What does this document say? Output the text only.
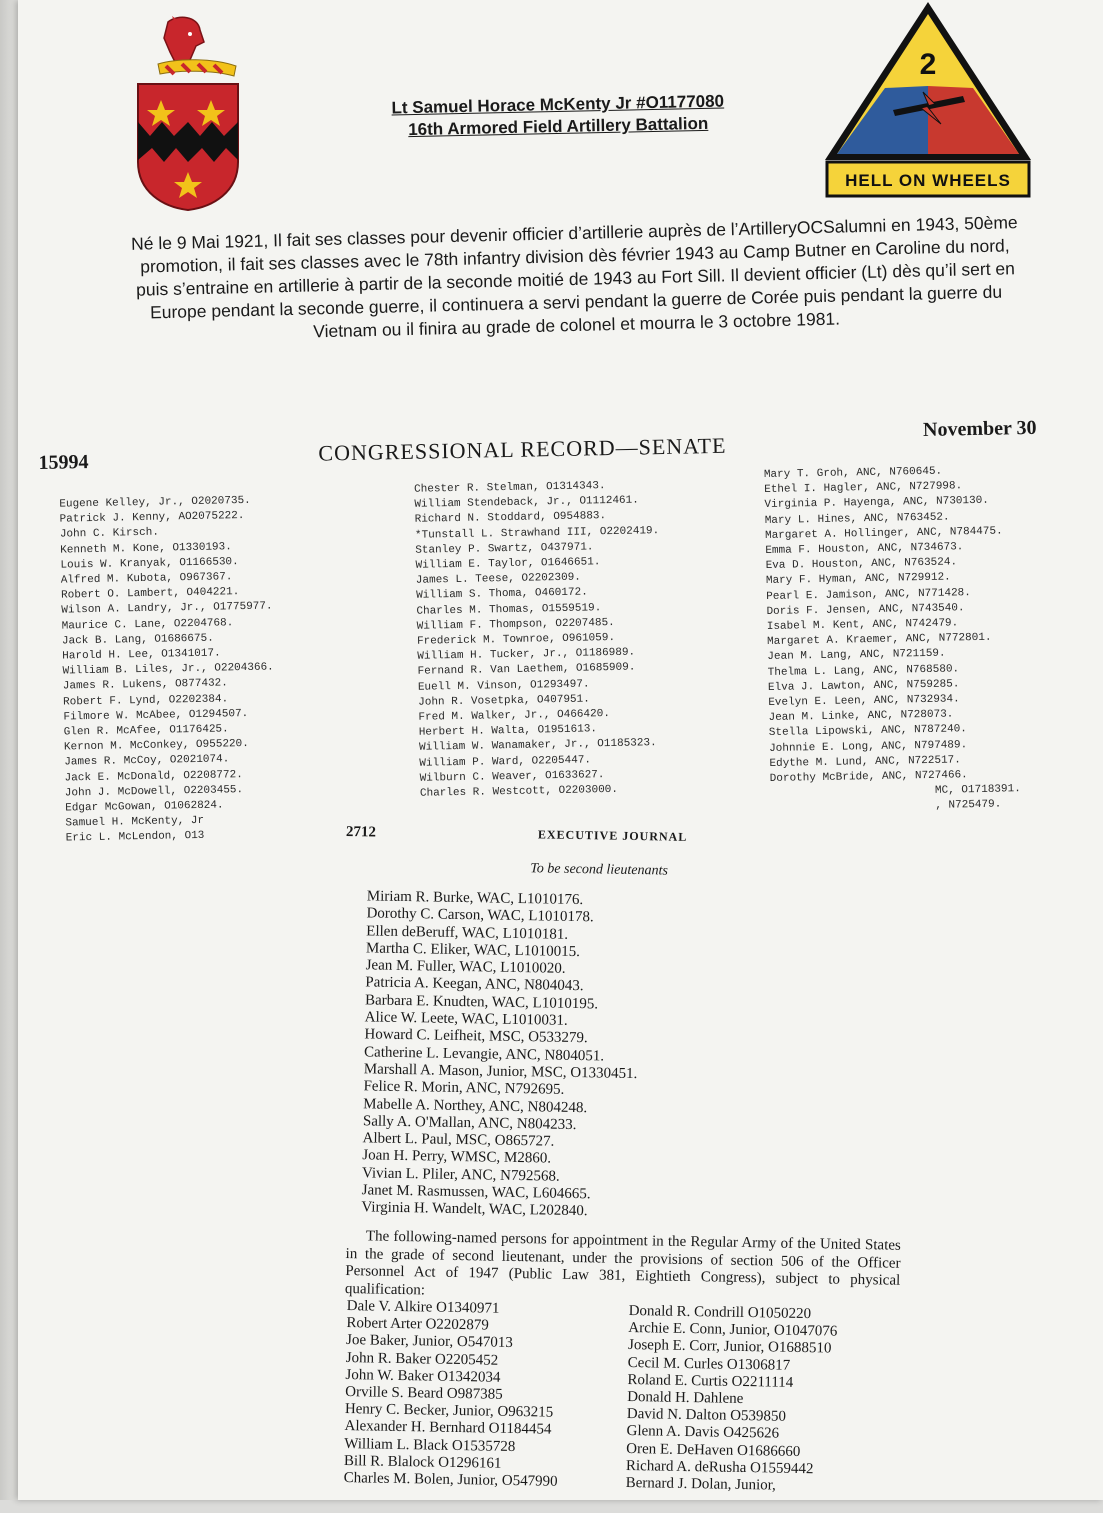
Lt Samuel Horace McKenty Jr #O1177080
16th Armored Field Artillery Battalion
2
HELL ON WHEELS
Né le 9 Mai 1921, Il fait ses classes pour devenir officier d’artillerie auprès de l’ArtilleryOCSalumni en 1943, 50ème promotion, il fait ses classes avec le 78th infantry division dès février 1943 au Camp Butner en Caroline du nord, puis s’entraine en artillerie à partir de la seconde moitié de 1943 au Fort Sill. Il devient officier (Lt) dès qu’il sert en Europe pendant la seconde guerre, il continuera a servi pendant la guerre de Corée puis pendant la guerre du Vietnam ou il finira au grade de colonel et mourra le 3 octobre 1981.
15994	CONGRESSIONAL RECORD—SENATE
November 30
Eugene Kelley, Jr., O2020735.
Patrick J. Kenny, AO2075222.
John C. Kirsch.
Kenneth M. Kone, O1330193.
Louis W. Kranyak, O1166530.
Alfred M. Kubota, O967367.
Robert O. Lambert, O404221.
Wilson A. Landry, Jr., O1775977.
Maurice C. Lane, O2204768.
Jack B. Lang, O1686675.
Harold H. Lee, O1341017.
William B. Liles, Jr., O2204366.
James R. Lukens, O877432.
Robert F. Lynd, O2202384.
Filmore W. McAbee, O1294507.
Glen R. McAfee, O1176425.
Kernon M. McConkey, O955220.
James R. McCoy, O2021074.
Jack E. McDonald, O2208772.
John J. McDowell, O2203455.
Edgar McGowan, O1062824.
Samuel H. McKenty, Jr
Eric L. McLendon, O13
Chester R. Stelman, O1314343.
William Stendeback, Jr., O1112461.
Richard N. Stoddard, O954883.
*Tunstall L. Strawhand III, O2202419.
Stanley P. Swartz, O437971.
William E. Taylor, O1646651.
James L. Teese, O2202309.
William S. Thoma, O460172.
Charles M. Thomas, O1559519.
William F. Thompson, O2207485.
Frederick M. Townroe, O961059.
William H. Tucker, Jr., O1186989.
Fernand R. Van Laethem, O1685909.
Euell M. Vinson, O1293497.
John R. Vosetpka, O407951.
Fred M. Walker, Jr., O466420.
Herbert H. Walta, O1951613.
William W. Wanamaker, Jr., O1185323.
William P. Ward, O2205447.
Wilburn C. Weaver, O1633627.
Charles R. Westcott, O2203000.
Mary T. Groh, ANC, N760645.
Ethel I. Hagler, ANC, N727998.
Virginia P. Hayenga, ANC, N730130.
Mary L. Hines, ANC, N763452.
Margaret A. Hollinger, ANC, N784475.
Emma F. Houston, ANC, N734673.
Eva D. Houston, ANC, N763524.
Mary F. Hyman, ANC, N729912.
Pearl E. Jamison, ANC, N771428.
Doris F. Jensen, ANC, N743540.
Isabel M. Kent, ANC, N742479.
Margaret A. Kraemer, ANC, N772801.
Jean M. Lang, ANC, N721159.
Thelma L. Lang, ANC, N768580.
Elva J. Lawton, ANC, N759285.
Evelyn E. Leen, ANC, N732934.
Jean M. Linke, ANC, N728073.
Stella Lipowski, ANC, N787240.
Johnnie E. Long, ANC, N797489.
Edythe M. Lund, ANC, N722517.
Dorothy McBride, ANC, N727466.
MC, O1718391.
, N725479.
2712	EXECUTIVE JOURNAL
To be second lieutenants
Miriam R. Burke, WAC, L1010176.
Dorothy C. Carson, WAC, L1010178.
Ellen deBeruff, WAC, L1010181.
Martha C. Eliker, WAC, L1010015.
Jean M. Fuller, WAC, L1010020.
Patricia A. Keegan, ANC, N804043.
Barbara E. Knudten, WAC, L1010195.
Alice W. Leete, WAC, L1010031.
Howard C. Leifheit, MSC, O533279.
Catherine L. Levangie, ANC, N804051.
Marshall A. Mason, Junior, MSC, O1330451.
Felice R. Morin, ANC, N792695.
Mabelle A. Northey, ANC, N804248.
Sally A. O'Mallan, ANC, N804233.
Albert L. Paul, MSC, O865727.
Joan H. Perry, WMSC, M2860.
Vivian L. Pliler, ANC, N792568.
Janet M. Rasmussen, WAC, L604665.
Virginia H. Wandelt, WAC, L202840.
The following-named persons for appointment in the Regular Army of the United States in the grade of second lieutenant, under the provisions of section 506 of the Officer Personnel Act of 1947 (Public Law 381, Eightieth Congress), subject to physical qualification:
Dale V. Alkire O1340971
Robert Arter O2202879
Joe Baker, Junior, O547013
John R. Baker O2205452
John W. Baker O1342034
Orville S. Beard O987385
Henry C. Becker, Junior, O963215
Alexander H. Bernhard O1184454
William L. Black O1535728
Bill R. Blalock O1296161
Charles M. Bolen, Junior, O547990
Donald R. Condrill O1050220
Archie E. Conn, Junior, O1047076
Joseph E. Corr, Junior, O1688510
Cecil M. Curles O1306817
Roland E. Curtis O2211114
Donald H. Dahlene
David N. Dalton O539850
Glenn A. Davis O425626
Oren E. DeHaven O1686660
Richard A. deRusha O1559442
Bernard J. Dolan, Junior,
